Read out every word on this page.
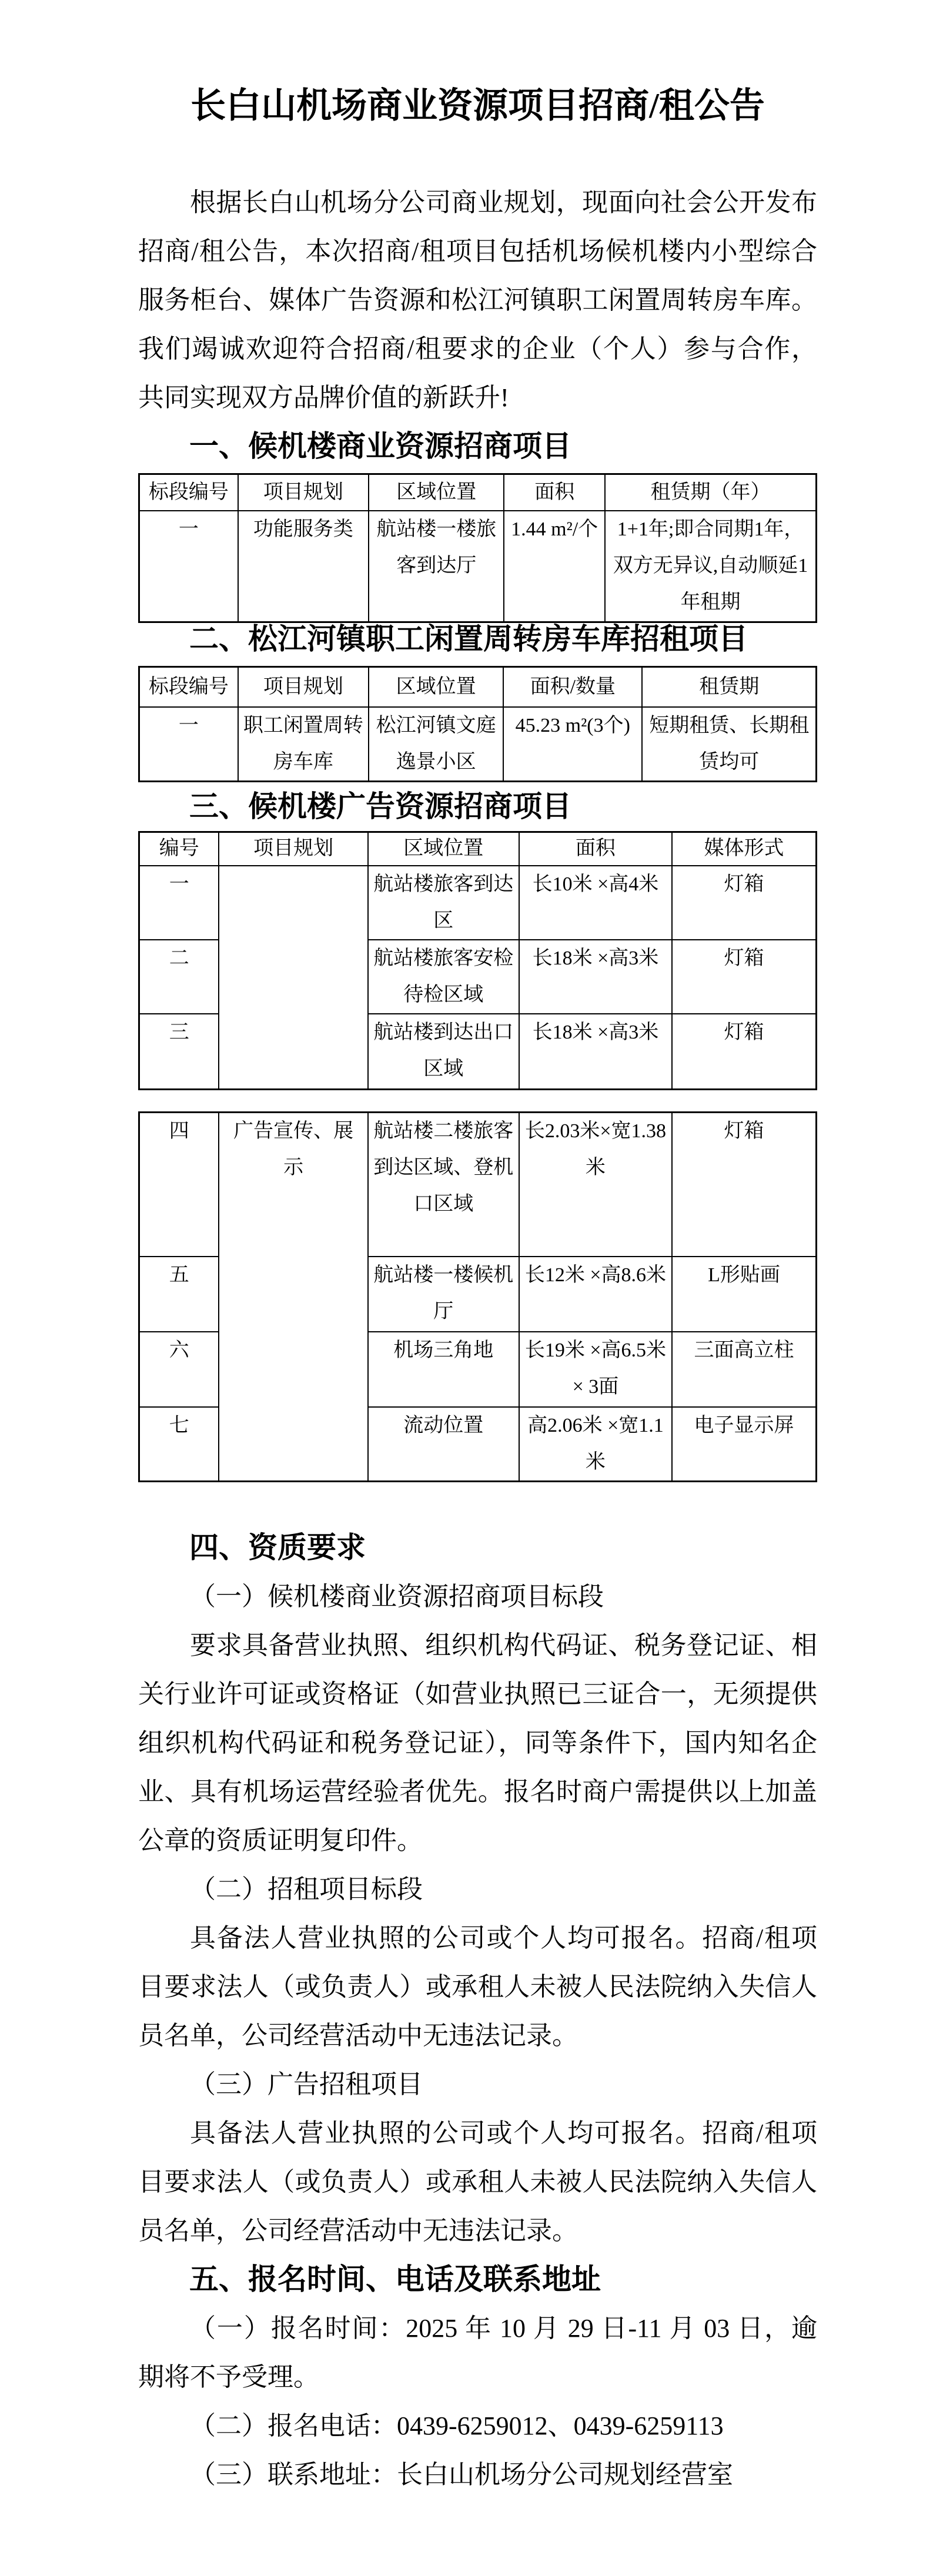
长白山机场商业资源项目招商/租公告

根据长白山机场分公司商业规划，现面向社会公开发布招商/租公告，本次招商/租项目包括机场候机楼内小型综合服务柜台、媒体广告资源和松江河镇职工闲置周转房车库。我们竭诚欢迎符合招商/租要求的企业（个人）参与合作，共同实现双方品牌价值的新跃升!

一、候机楼商业资源招商项目
标段编号	项目规划	区域位置	面积	租赁期（年）
一	功能服务类	航站楼一楼旅客到达厅	1.44 m²/个	1+1年;即合同期1年，双方无异议,自动顺延1年租期
二、松江河镇职工闲置周转房车库招租项目
标段编号	项目规划	区域位置	面积/数量	租赁期
一	职工闲置周转房车库	松江河镇文庭逸景小区	45.23 m²(3个)	短期租赁、长期租赁均可
三、候机楼广告资源招商项目
编号	项目规划	区域位置	面积	媒体形式
一		航站楼旅客到达区	长10米 ×高4米	灯箱
二		航站楼旅客安检待检区域	长18米 ×高3米	灯箱
三		航站楼到达出口区域	长18米 ×高3米	灯箱
四	广告宣传、展示	航站楼二楼旅客到达区域、登机口区域	长2.03米×宽1.38米	灯箱
五		航站楼一楼候机厅	长12米 ×高8.6米	L形贴画
六		机场三角地	长19米 ×高6.5米 × 3面	三面高立柱
七		流动位置	高2.06米 ×宽1.1米	电子显示屏
四、资质要求

（一）候机楼商业资源招商项目标段

要求具备营业执照、组织机构代码证、税务登记证、相关行业许可证或资格证（如营业执照已三证合一，无须提供组织机构代码证和税务登记证），同等条件下，国内知名企业、具有机场运营经验者优先。报名时商户需提供以上加盖公章的资质证明复印件。

（二）招租项目标段

具备法人营业执照的公司或个人均可报名。招商/租项目要求法人（或负责人）或承租人未被人民法院纳入失信人员名单，公司经营活动中无违法记录。

（三）广告招租项目

具备法人营业执照的公司或个人均可报名。招商/租项目要求法人（或负责人）或承租人未被人民法院纳入失信人员名单，公司经营活动中无违法记录。

五、报名时间、电话及联系地址

（一）报名时间：2025 年 10 月 29 日-11 月 03 日，逾期将不予受理。

（二）报名电话：0439-6259012、0439-6259113

（三）联系地址：长白山机场分公司规划经营室
